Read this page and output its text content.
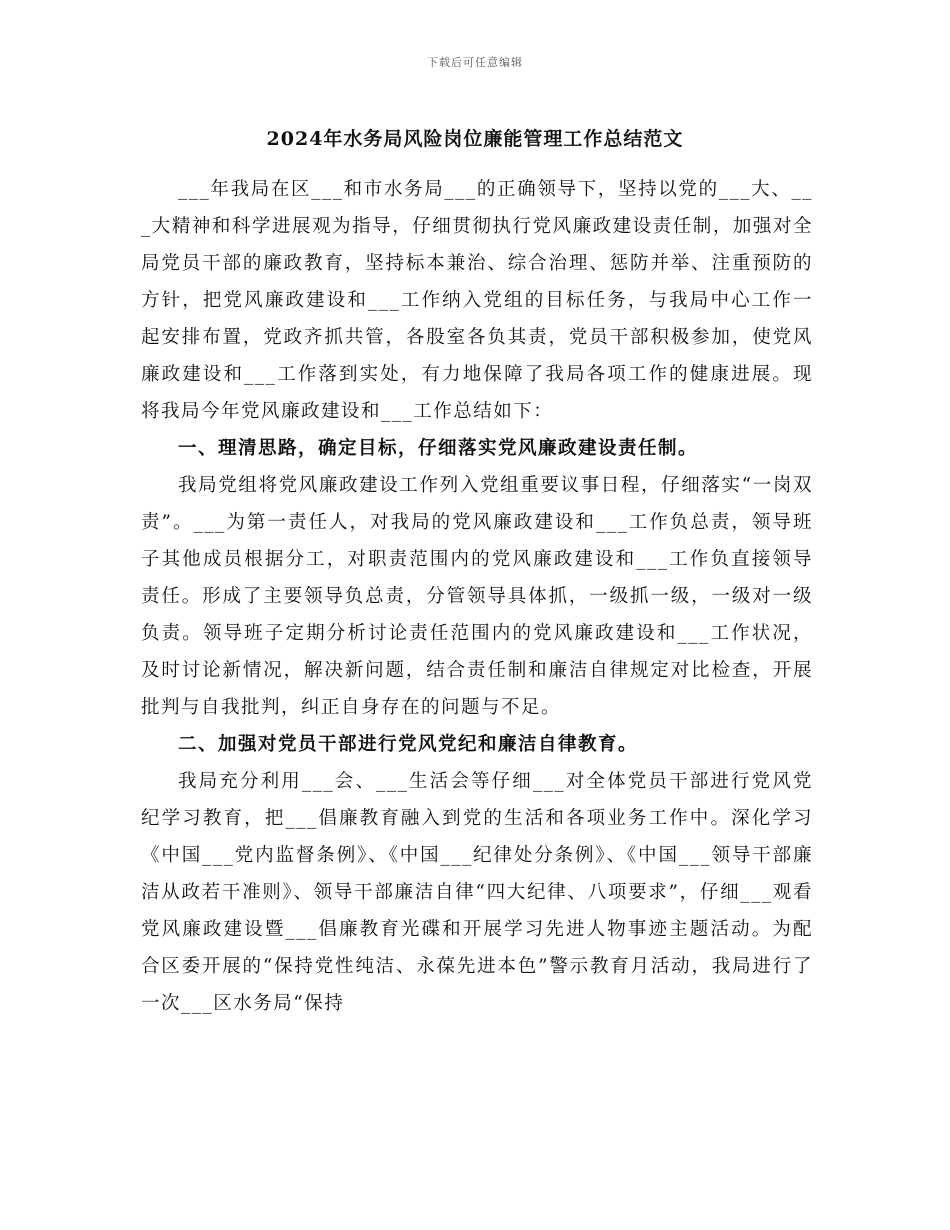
下载后可任意编辑
2024年水务局风险岗位廉能管理工作总结范文

___年我局在区___和市水务局___的正确领导下，坚持以党的___大、___大精神和科学进展观为指导，仔细贯彻执行党风廉政建设责任制，加强对全局党员干部的廉政教育，坚持标本兼治、综合治理、惩防并举、注重预防的方针，把党风廉政建设和___工作纳入党组的目标任务，与我局中心工作一起安排布置，党政齐抓共管，各股室各负其责，党员干部积极参加，使党风廉政建设和___工作落到实处，有力地保障了我局各项工作的健康进展。现将我局今年党风廉政建设和___工作总结如下：

一、理清思路，确定目标，仔细落实党风廉政建设责任制。

我局党组将党风廉政建设工作列入党组重要议事日程，仔细落实“一岗双责”。___为第一责任人，对我局的党风廉政建设和___工作负总责，领导班子其他成员根据分工，对职责范围内的党风廉政建设和___工作负直接领导责任。形成了主要领导负总责，分管领导具体抓，一级抓一级，一级对一级负责。领导班子定期分析讨论责任范围内的党风廉政建设和___工作状况，及时讨论新情况，解决新问题，结合责任制和廉洁自律规定对比检查，开展批判与自我批判，纠正自身存在的问题与不足。

二、加强对党员干部进行党风党纪和廉洁自律教育。

我局充分利用___会、___生活会等仔细___对全体党员干部进行党风党纪学习教育，把___倡廉教育融入到党的生活和各项业务工作中。深化学习《中国___党内监督条例》、《中国___纪律处分条例》、《中国___领导干部廉洁从政若干准则》、领导干部廉洁自律“四大纪律、八项要求”，仔细___观看党风廉政建设暨___倡廉教育光碟和开展学习先进人物事迹主题活动。为配合区委开展的“保持党性纯洁、永葆先进本色”警示教育月活动，我局进行了一次___区水务局“保持
